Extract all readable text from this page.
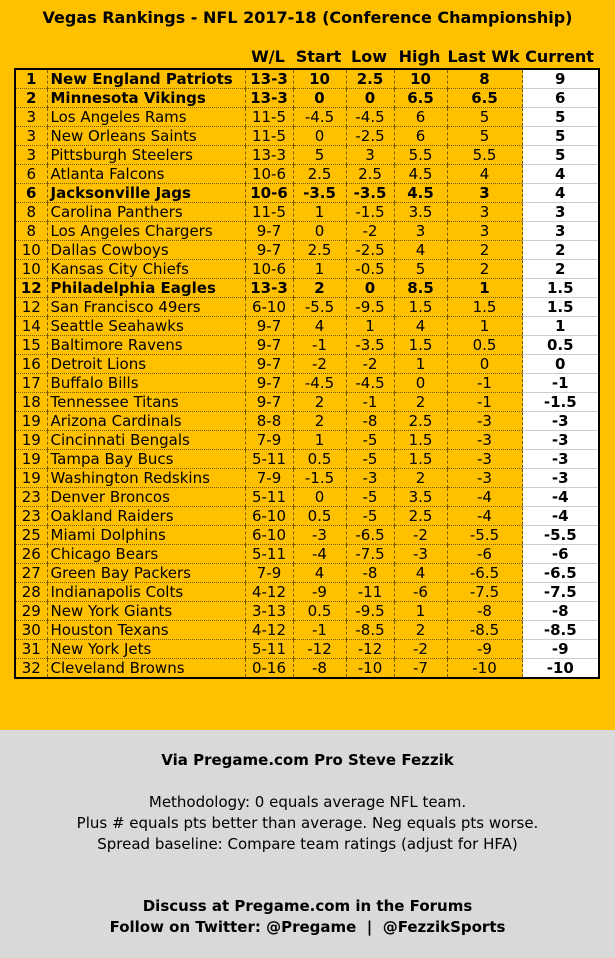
Vegas Rankings - NFL 2017-18 (Conference Championship)
W/L Start Low High Last Wk Current
1	New England Patriots	13-3	10	2.5	10	8	9
2	Minnesota Vikings	13-3	0	0	6.5	6.5	6
3	Los Angeles Rams	11-5	-4.5	-4.5	6	5	5
3	New Orleans Saints	11-5	0	-2.5	6	5	5
3	Pittsburgh Steelers	13-3	5	3	5.5	5.5	5
6	Atlanta Falcons	10-6	2.5	2.5	4.5	4	4
6	Jacksonville Jags	10-6	-3.5	-3.5	4.5	3	4
8	Carolina Panthers	11-5	1	-1.5	3.5	3	3
8	Los Angeles Chargers	9-7	0	-2	3	3	3
10	Dallas Cowboys	9-7	2.5	-2.5	4	2	2
10	Kansas City Chiefs	10-6	1	-0.5	5	2	2
12	Philadelphia Eagles	13-3	2	0	8.5	1	1.5
12	San Francisco 49ers	6-10	-5.5	-9.5	1.5	1.5	1.5
14	Seattle Seahawks	9-7	4	1	4	1	1
15	Baltimore Ravens	9-7	-1	-3.5	1.5	0.5	0.5
16	Detroit Lions	9-7	-2	-2	1	0	0
17	Buffalo Bills	9-7	-4.5	-4.5	0	-1	-1
18	Tennessee Titans	9-7	2	-1	2	-1	-1.5
19	Arizona Cardinals	8-8	2	-8	2.5	-3	-3
19	Cincinnati Bengals	7-9	1	-5	1.5	-3	-3
19	Tampa Bay Bucs	5-11	0.5	-5	1.5	-3	-3
19	Washington Redskins	7-9	-1.5	-3	2	-3	-3
23	Denver Broncos	5-11	0	-5	3.5	-4	-4
23	Oakland Raiders	6-10	0.5	-5	2.5	-4	-4
25	Miami Dolphins	6-10	-3	-6.5	-2	-5.5	-5.5
26	Chicago Bears	5-11	-4	-7.5	-3	-6	-6
27	Green Bay Packers	7-9	4	-8	4	-6.5	-6.5
28	Indianapolis Colts	4-12	-9	-11	-6	-7.5	-7.5
29	New York Giants	3-13	0.5	-9.5	1	-8	-8
30	Houston Texans	4-12	-1	-8.5	2	-8.5	-8.5
31	New York Jets	5-11	-12	-12	-2	-9	-9
32	Cleveland Browns	0-16	-8	-10	-7	-10	-10
Via Pregame.com Pro Steve Fezzik
Methodology: 0 equals average NFL team.
Plus # equals pts better than average. Neg equals pts worse.
Spread baseline: Compare team ratings (adjust for HFA)
Discuss at Pregame.com in the Forums
Follow on Twitter: @Pregame  |  @FezzikSports
